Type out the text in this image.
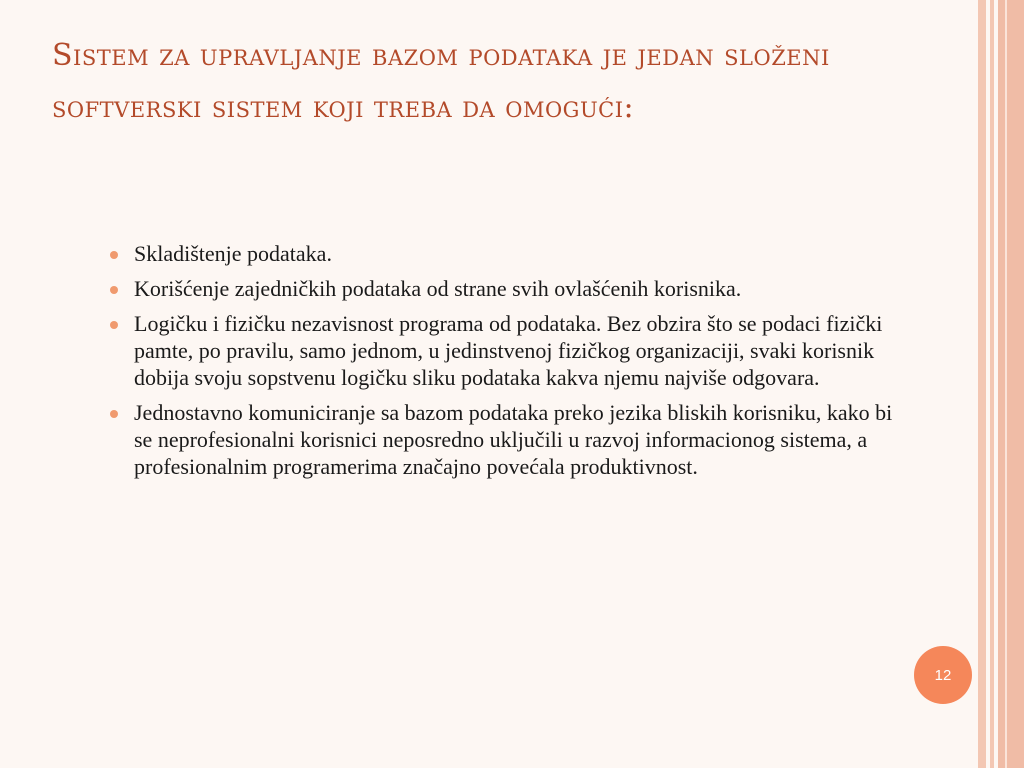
Sistem za upravljanje bazom podataka je jedan složeni softverski sistem koji treba da omogući:
Skladištenje podataka.
Korišćenje zajedničkih podataka od strane svih ovlašćenih korisnika.
Logičku i fizičku nezavisnost programa od podataka. Bez obzira što se podaci fizički pamte, po pravilu, samo jednom, u jedinstvenoj fizičkog organizaciji, svaki korisnik dobija svoju sopstvenu logičku sliku podataka kakva njemu najviše odgovara.
Jednostavno komuniciranje sa bazom podataka preko jezika bliskih korisniku, kako bi se neprofesionalni korisnici neposredno uključili u razvoj informacionog sistema, a profesionalnim programerima značajno povećala produktivnost.
12
